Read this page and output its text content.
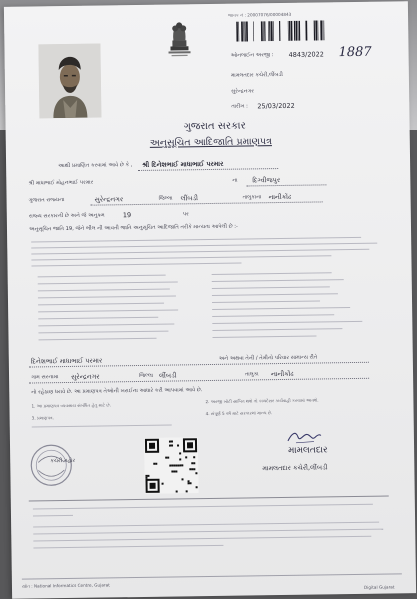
જાવક નં : 20007076/00004843
ઓનલાઈન અરજી : 4843/2022 1887
મામલતદાર કચેરી,લીંબડી
સુરેન્દ્રનગર
તારીખ : 25/03/2022
ગુજરાત સરકાર
અનુસૂચિત આદિજાતિ પ્રમાણપત્ર
આથી પ્રમાણિત કરવામાં આવે છે કે , શ્રી દિનેશભાઈ માધાભાઈ પરમાર
શ્રી માધાભાઈ મોહનભાઈ પરમાર	ના દિગ્વીજપુર
ગુજરાત રાજ્યના	સુરેન્દ્રનગર	જિલ્લા લીંબડી	તાલુકાના નાનીકોંઢ
રાજ્ય સરકારની છે અને જે અનુક્રમ	19	પર
અનુસૂચિત જાતિ 19, જેને ભીલ ની આવતી જાતિ અનુસૂચિત આદિજાતિ તરીકે માન્યતા આપેલી છે :-
દિનેશભાઈ માધાભાઈ પરમાર	અને અથવા તેની / તેમીનો પરિવાર સામાન્ય રીતે
ગામ સરનામા સુરેન્દ્રનગર	જિલ્લા લીંબડી	તાલુકા નાનીકોંઢ
નો રહેઠાણ ધરાવે છે. આ પ્રમાણપત્ર તેઓની ખરાઈના આધારે કરી આપવામાં આવે છે.
1. આ પ્રમાણપત્ર વ્યવસાય સંબંધિત હેતુ માટે છે.
2. અરજી ખોટી સાબિત થશે તો કાયદેસર કાર્યવાહી કરવામાં આવશે.
3. પ્રમાણપત્ર.
4. સંપૂર્ણ 5 વર્ષ માટે સરકારમાં માન્ય છે.
કચેરી મહોર
મામલતદાર
મામલતદાર કચેરી,લીંબડી
સ્ત્રોત : National Informatics Centre, Gujarat	Digital Gujarat
